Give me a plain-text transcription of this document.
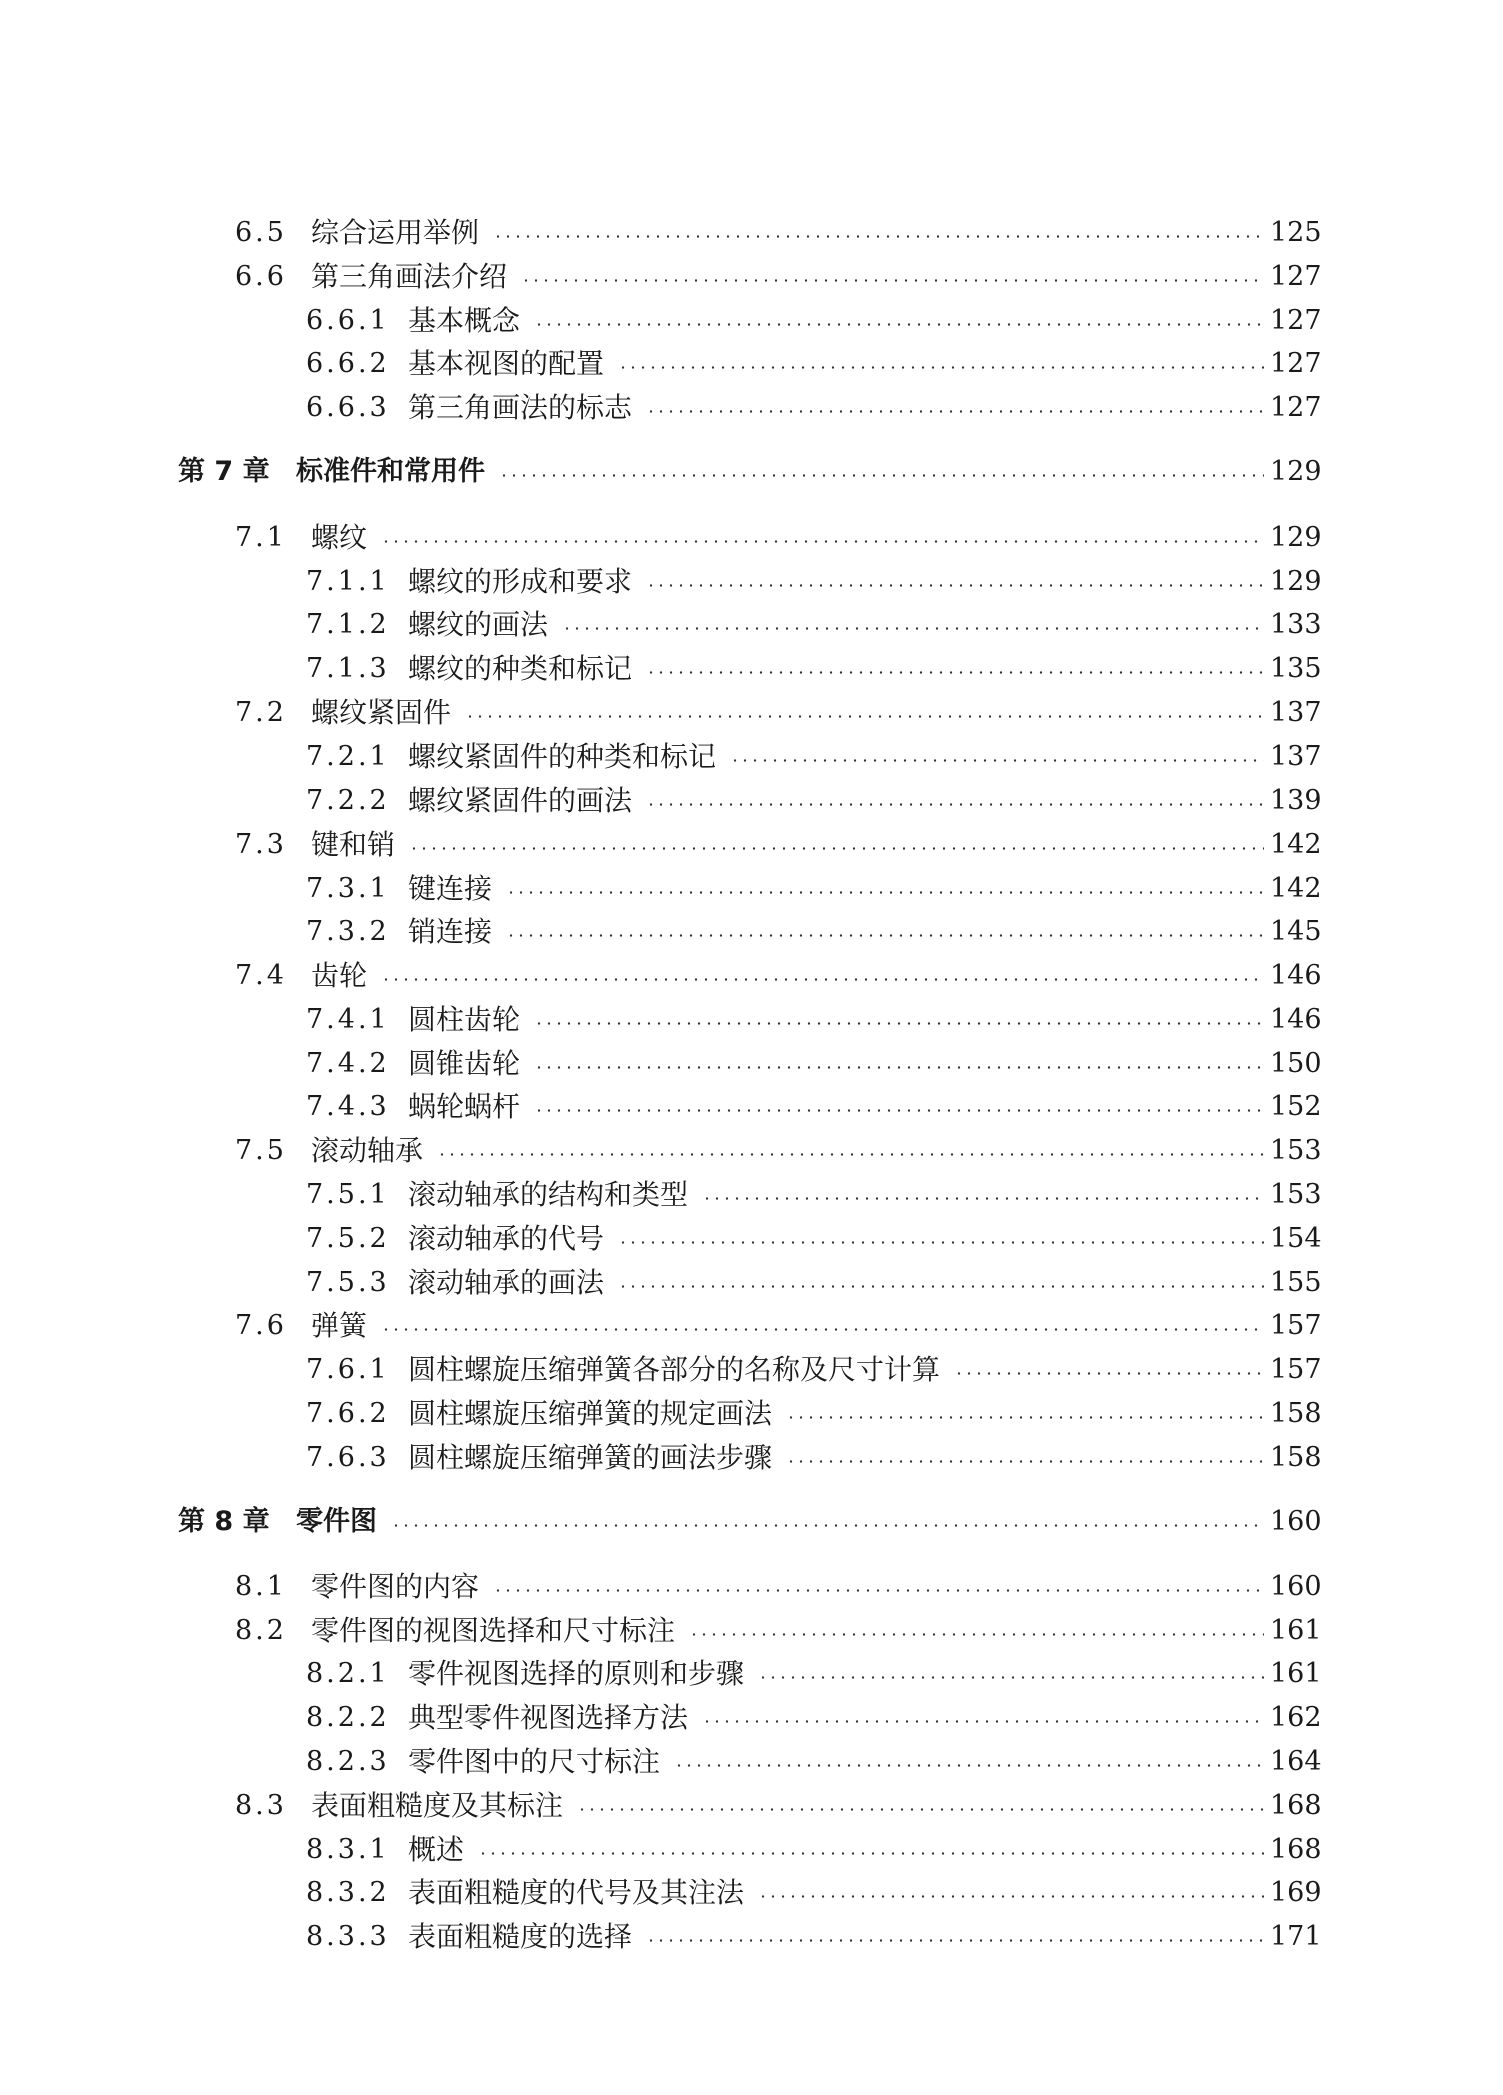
6.5 综合运用举例	125
6.6 第三角画法介绍	127
6.6.1 基本概念	127
6.6.2 基本视图的配置	127
6.6.3 第三角画法的标志	127
第 7 章 标准件和常用件	129
7.1 螺纹	129
7.1.1 螺纹的形成和要求	129
7.1.2 螺纹的画法	133
7.1.3 螺纹的种类和标记	135
7.2 螺纹紧固件	137
7.2.1 螺纹紧固件的种类和标记	137
7.2.2 螺纹紧固件的画法	139
7.3 键和销	142
7.3.1 键连接	142
7.3.2 销连接	145
7.4 齿轮	146
7.4.1 圆柱齿轮	146
7.4.2 圆锥齿轮	150
7.4.3 蜗轮蜗杆	152
7.5 滚动轴承	153
7.5.1 滚动轴承的结构和类型	153
7.5.2 滚动轴承的代号	154
7.5.3 滚动轴承的画法	155
7.6 弹簧	157
7.6.1 圆柱螺旋压缩弹簧各部分的名称及尺寸计算	157
7.6.2 圆柱螺旋压缩弹簧的规定画法	158
7.6.3 圆柱螺旋压缩弹簧的画法步骤	158
第 8 章 零件图	160
8.1 零件图的内容	160
8.2 零件图的视图选择和尺寸标注	161
8.2.1 零件视图选择的原则和步骤	161
8.2.2 典型零件视图选择方法	162
8.2.3 零件图中的尺寸标注	164
8.3 表面粗糙度及其标注	168
8.3.1 概述	168
8.3.2 表面粗糙度的代号及其注法	169
8.3.3 表面粗糙度的选择	171
